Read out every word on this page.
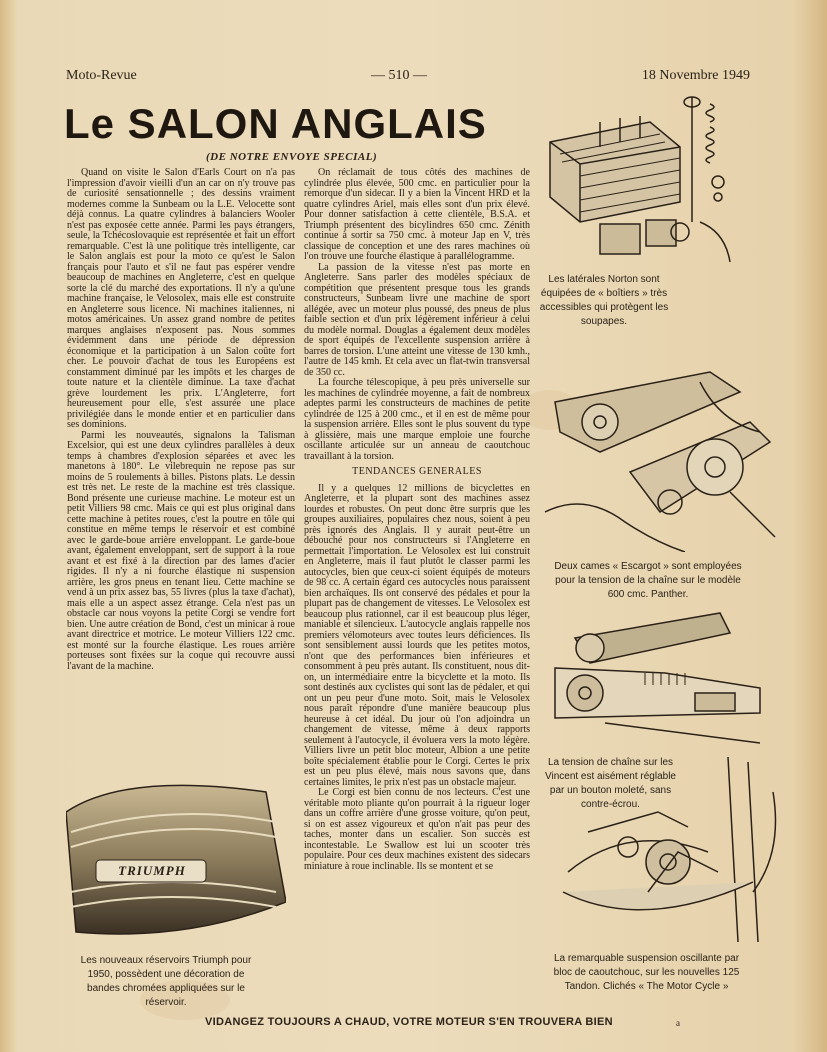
Moto-Revue	— 510 —	18 Novembre 1949
Le SALON ANGLAIS
(DE NOTRE ENVOYE SPECIAL)

Quand on visite le Salon d'Earls Court on n'a pas l'impression d'avoir vieilli d'un an car on n'y trouve pas de curiosité sensationnelle ; des dessins vraiment modernes comme la Sunbeam ou la L.E. Velocette sont déjà connus. La quatre cylindres à balanciers Wooler n'est pas exposée cette année. Parmi les pays étrangers, seule, la Tchécoslovaquie est représentée et fait un effort remarquable. C'est là une politique très intelligente, car le Salon anglais est pour la moto ce qu'est le Salon français pour l'auto et s'il ne faut pas espérer vendre beaucoup de machines en Angleterre, c'est en quelque sorte la clé du marché des exportations. Il n'y a qu'une machine française, le Velosolex, mais elle est construite en Angleterre sous licence. Ni machines italiennes, ni motos américaines. Un assez grand nombre de petites marques anglaises n'exposent pas. Nous sommes évidemment dans une période de dépression économique et la participation à un Salon coûte fort cher. Le pouvoir d'achat de tous les Européens est constamment diminué par les impôts et les charges de toute nature et la clientèle diminue. La taxe d'achat grève lourdement les prix. L'Angleterre, fort heureusement pour elle, s'est assurée une place privilégiée dans le monde entier et en particulier dans ses dominions.

Parmi les nouveautés, signalons la Talisman Excelsior, qui est une deux cylindres parallèles à deux temps à chambres d'explosion séparées et avec les manetons à 180°. Le vilebrequin ne repose pas sur moins de 5 roulements à billes. Pistons plats. Le dessin est très net. Le reste de la machine est très classique. Bond présente une curieuse machine. Le moteur est un petit Villiers 98 cmc. Mais ce qui est plus original dans cette machine à petites roues, c'est la poutre en tôle qui constitue en même temps le réservoir et est combiné avec le garde-boue arrière enveloppant. Le garde-boue avant, également enveloppant, sert de support à la roue avant et est fixé à la direction par des lames d'acier rigides. Il n'y a ni fourche élastique ni suspension arrière, les gros pneus en tenant lieu. Cette machine se vend à un prix assez bas, 55 livres (plus la taxe d'achat), mais elle a un aspect assez étrange. Cela n'est pas un obstacle car nous voyons la petite Corgi se vendre fort bien. Une autre création de Bond, c'est un minicar à roue avant directrice et motrice. Le moteur Villiers 122 cmc. est monté sur la fourche élastique. Les roues arrière porteuses sont fixées sur la coque qui recouvre aussi l'avant de la machine.

On réclamait de tous côtés des machines de cylindrée plus élevée, 500 cmc. en particulier pour la remorque d'un sidecar. Il y a bien la Vincent HRD et la quatre cylindres Ariel, mais elles sont d'un prix élevé. Pour donner satisfaction à cette clientèle, B.S.A. et Triumph présentent des bicylindres 650 cmc. Zénith continue à sortir sa 750 cmc. à moteur Jap en V, très classique de conception et une des rares machines où l'on trouve une fourche élastique à parallélogramme.

La passion de la vitesse n'est pas morte en Angleterre. Sans parler des modèles spéciaux de compétition que présentent presque tous les grands constructeurs, Sunbeam livre une machine de sport allégée, avec un moteur plus poussé, des pneus de plus faible section et d'un prix légèrement inférieur à celui du modèle normal. Douglas a également deux modèles de sport équipés de l'excellente suspension arrière à barres de torsion. L'une atteint une vitesse de 130 kmh., l'autre de 145 kmh. Et cela avec un flat-twin transversal de 350 cc.

La fourche télescopique, à peu près universelle sur les machines de cylindrée moyenne, a fait de nombreux adeptes parmi les constructeurs de machines de petite cylindrée de 125 à 200 cmc., et il en est de même pour la suspension arrière. Elles sont le plus souvent du type à glissière, mais une marque emploie une fourche oscillante articulée sur un anneau de caoutchouc travaillant à la torsion.

TENDANCES GENERALES

Il y a quelques 12 millions de bicyclettes en Angleterre, et la plupart sont des machines assez lourdes et robustes. On peut donc être surpris que les groupes auxiliaires, populaires chez nous, soient à peu près ignorés des Anglais. Il y aurait peut-être un débouché pour nos constructeurs si l'Angleterre en permettait l'importation. Le Velosolex est lui construit en Angleterre, mais il faut plutôt le classer parmi les autocycles, bien que ceux-ci soient équipés de moteurs de 98 cc. A certain égard ces autocycles nous paraissent bien archaïques. Ils ont conservé des pédales et pour la plupart pas de changement de vitesses. Le Velosolex est beaucoup plus rationnel, car il est beaucoup plus léger, maniable et silencieux. L'autocycle anglais rappelle nos premiers vélomoteurs avec toutes leurs déficiences. Ils sont sensiblement aussi lourds que les petites motos, n'ont que des performances bien inférieures et consomment à peu près autant. Ils constituent, nous dit-on, un intermédiaire entre la bicyclette et la moto. Ils sont destinés aux cyclistes qui sont las de pédaler, et qui ont un peu peur d'une moto. Soit, mais le Velosolex nous paraît répondre d'une manière beaucoup plus heureuse à cet idéal. Du jour où l'on adjoindra un changement de vitesse, même à deux rapports seulement à l'autocycle, il évoluera vers la moto légère. Villiers livre un petit bloc moteur, Albion a une petite boîte spécialement établie pour le Corgi. Certes le prix est un peu plus élevé, mais nous savons que, dans certaines limites, le prix n'est pas un obstacle majeur.

Le Corgi est bien connu de nos lecteurs. C'est une véritable moto pliante qu'on pourrait à la rigueur loger dans un coffre arrière d'une grosse voiture, qu'on peut, si on est assez vigoureux et qu'on n'ait pas peur des taches, monter dans un escalier. Son succès est incontestable. Le Swallow est lui un scooter très populaire. Pour ces deux machines existent des sidecars miniature à roue inclinable. Ils se montent et se

Les latérales Norton sont équipées de « boîtiers » très accessibles qui protègent les soupapes.
Deux cames « Escargot » sont employées pour la tension de la chaîne sur le modèle 600 cmc. Panther.
La tension de chaîne sur les Vincent est aisément réglable par un bouton moleté, sans contre-écrou.
La remarquable suspension oscillante par bloc de caoutchouc, sur les nouvelles 125 Tandon. Clichés « The Motor Cycle »
TRIUMPH
Les nouveaux réservoirs Triumph pour 1950, possèdent une décoration de bandes chromées appliquées sur le réservoir.
VIDANGEZ TOUJOURS A CHAUD, VOTRE MOTEUR S'EN TROUVERA BIEN	a
